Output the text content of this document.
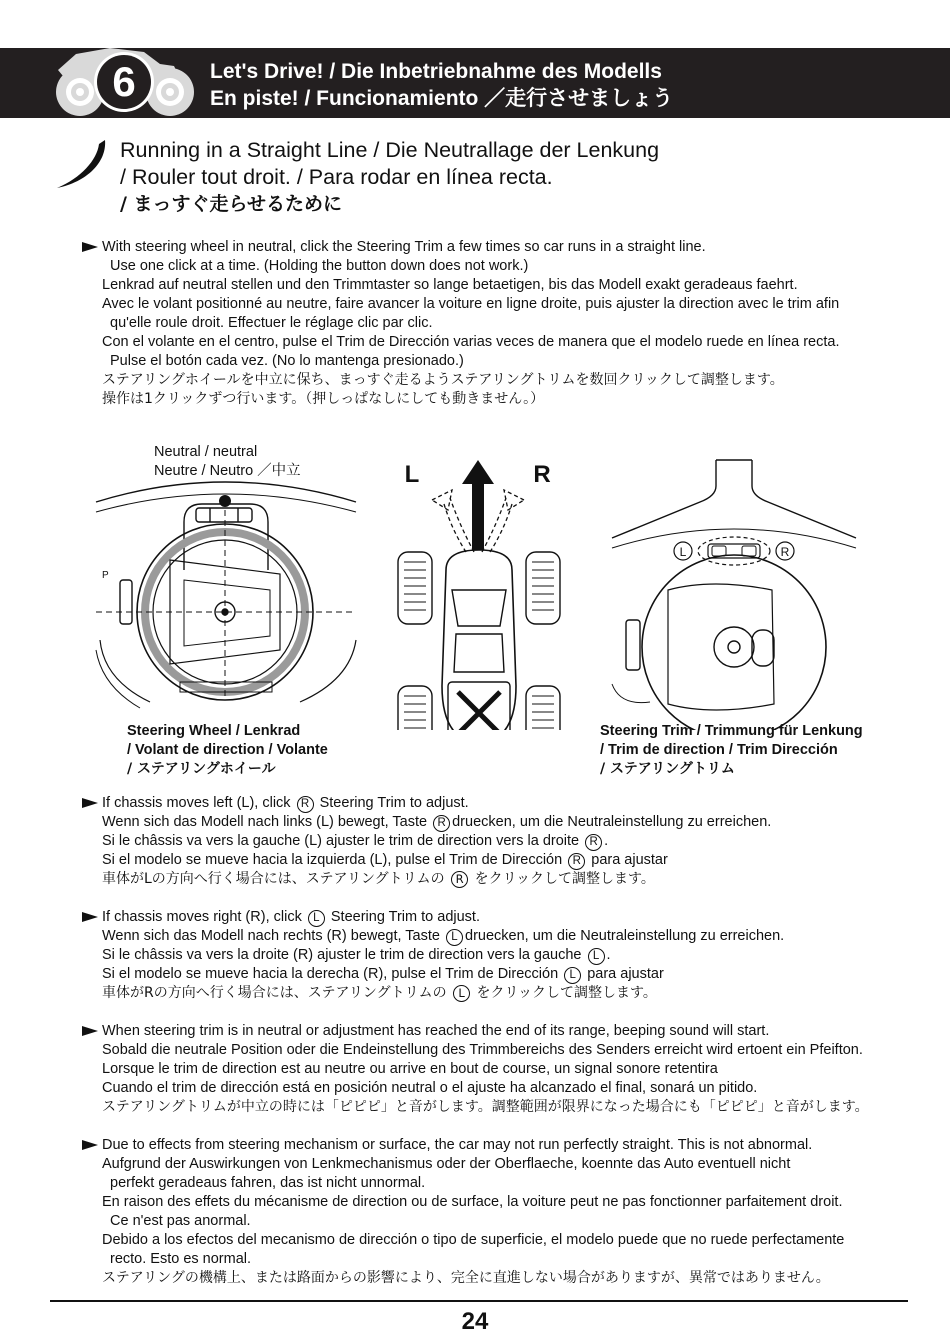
6	Let's Drive! / Die Inbetriebnahme des Modells
En piste! / Funcionamiento ／走行させましょう
Running in a Straight Line / Die Neutrallage der Lenkung
/ Rouler tout droit. / Para rodar en línea recta.
/ まっすぐ走らせるために
With steering wheel in neutral, click the Steering Trim a few times so car runs in a straight line.
Use one click at a time. (Holding the button down does not work.)
Lenkrad auf neutral stellen und den Trimmtaster so lange betaetigen, bis das Modell exakt geradeaus faehrt.
Avec le volant positionné au neutre, faire avancer la voiture en ligne droite, puis ajuster la direction avec le trim afin
qu'elle roule droit. Effectuer le réglage clic par clic.
Con el volante en el centro, pulse el Trim de Dirección varias veces de manera que el modelo ruede en línea recta.
Pulse el botón cada vez. (No lo mantenga presionado.)
ステアリングホイールを中立に保ち、まっすぐ走るようステアリングトリムを数回クリックして調整します。
操作は1クリックずつ行います。（押しっぱなしにしても動きません。）
Neutral / neutral
Neutre / Neutro ／中立
P
L	R
L	R
Steering Wheel / Lenkrad
/ Volant de direction / Volante
/ ステアリングホイール
Steering Trim / Trimmung für Lenkung
/ Trim de direction / Trim Dirección
/ ステアリングトリム
If chassis moves left (L), click R Steering Trim to adjust.
Wenn sich das Modell nach links (L) bewegt, Taste R druecken, um die Neutraleinstellung zu erreichen.
Si le châssis va vers la gauche (L) ajuster le trim de direction vers la droite R .
Si el modelo se mueve hacia la izquierda (L), pulse el Trim de Dirección R para ajustar
車体がLの方向へ行く場合には、ステアリングトリムの R をクリックして調整します。
If chassis moves right (R), click L Steering Trim to adjust.
Wenn sich das Modell nach rechts (R) bewegt, Taste L druecken, um die Neutraleinstellung zu erreichen.
Si le châssis va vers la droite (R) ajuster le trim de direction vers la gauche L .
Si el modelo se mueve hacia la derecha (R), pulse el Trim de Dirección L para ajustar
車体がRの方向へ行く場合には、ステアリングトリムの L をクリックして調整します。
When steering trim is in neutral or adjustment has reached the end of its range, beeping sound will start.
Sobald die neutrale Position oder die Endeinstellung des Trimmbereichs des Senders erreicht wird ertoent ein Pfeifton.
Lorsque le trim de direction est au neutre ou arrive en bout de course, un signal sonore retentira
Cuando el trim de dirección está en posición neutral o el ajuste ha alcanzado el final, sonará un pitido.
ステアリングトリムが中立の時には「ピピピ」と音がします。調整範囲が限界になった場合にも「ピピピ」と音がします。
Due to effects from steering mechanism or surface, the car may not run perfectly straight. This is not abnormal.
Aufgrund der Auswirkungen von Lenkmechanismus oder der Oberflaeche, koennte das Auto eventuell nicht
perfekt geradeaus fahren, das ist nicht unnormal.
En raison des effets du mécanisme de direction ou de surface, la voiture peut ne pas fonctionner parfaitement droit.
Ce n'est pas anormal.
Debido a los efectos del mecanismo de dirección o tipo de superficie, el modelo puede que no ruede perfectamente
recto. Esto es normal.
ステアリングの機構上、または路面からの影響により、完全に直進しない場合がありますが、異常ではありません。
24
